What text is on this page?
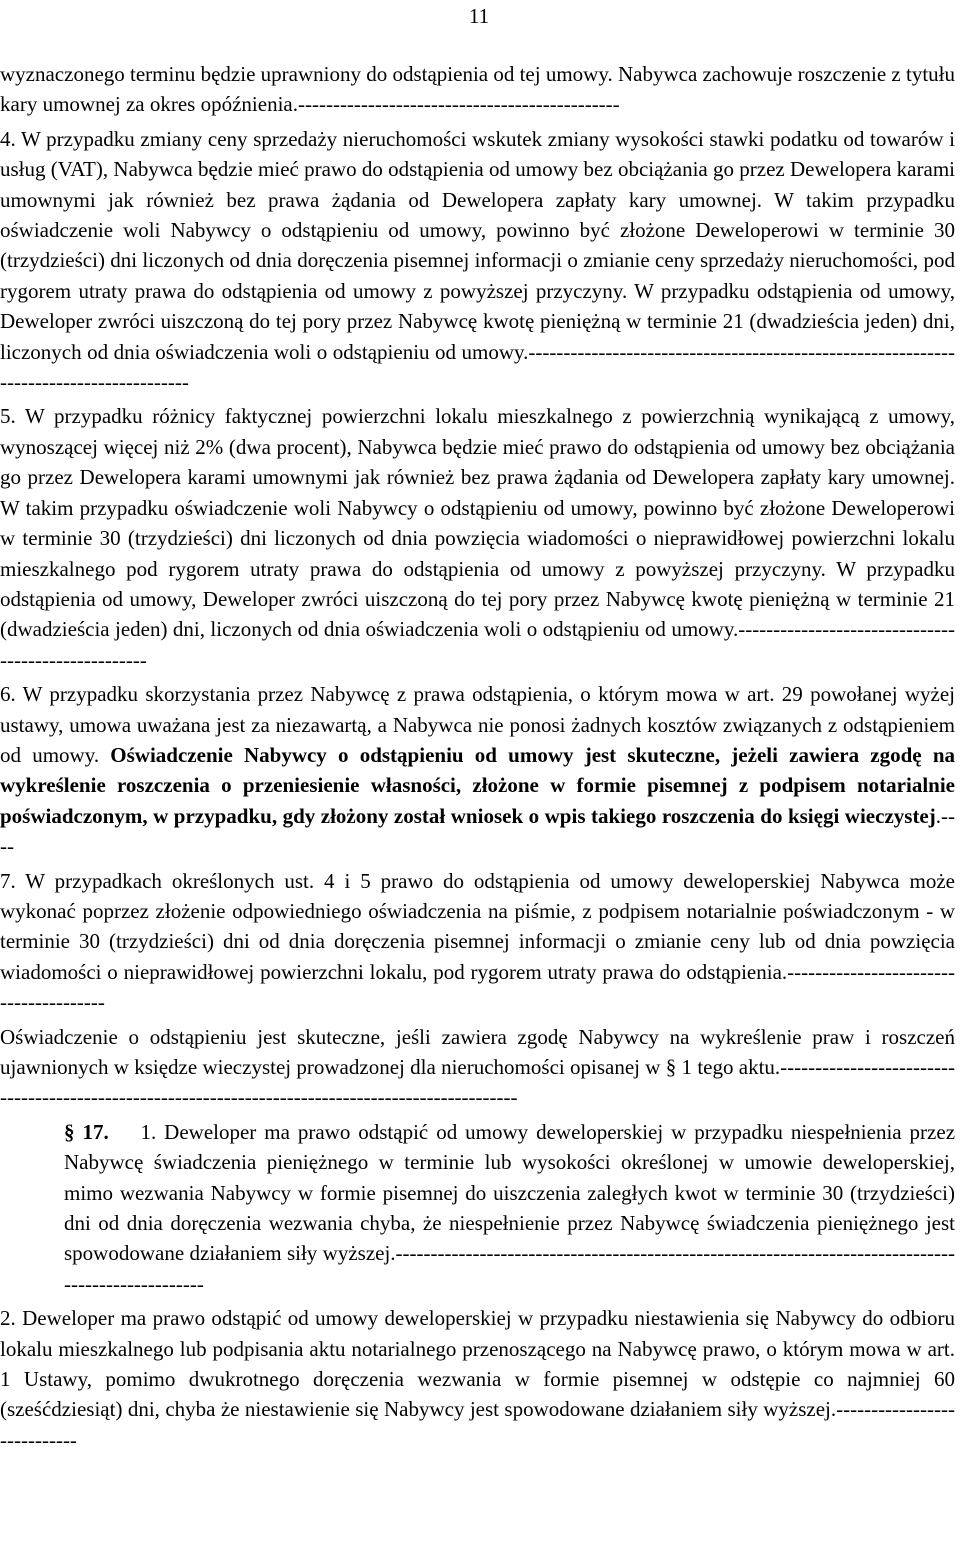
11

wyznaczonego terminu będzie uprawniony do odstąpienia od tej umowy. Nabywca zachowuje roszczenie z tytułu kary umownej za okres opóźnienia.----------------------------------------------

4. W przypadku zmiany ceny sprzedaży nieruchomości wskutek zmiany wysokości stawki podatku od towarów i usług (VAT), Nabywca będzie mieć prawo do odstąpienia od umowy bez obciążania go przez Dewelopera karami umownymi jak również bez prawa żądania od Dewelopera zapłaty kary umownej. W takim przypadku oświadczenie woli Nabywcy o odstąpieniu od umowy, powinno być złożone Deweloperowi w terminie 30 (trzydzieści) dni liczonych od dnia doręczenia pisemnej informacji o zmianie ceny sprzedaży nieruchomości, pod rygorem utraty prawa do odstąpienia od umowy z powyższej przyczyny. W przypadku odstąpienia od umowy, Deweloper zwróci uiszczoną do tej pory przez Nabywcę kwotę pieniężną w terminie 21 (dwadzieścia jeden) dni, liczonych od dnia oświadczenia woli o odstąpieniu od umowy.----------------------------------------------------------------------------------------

5. W przypadku różnicy faktycznej powierzchni lokalu mieszkalnego z powierzchnią wynikającą z umowy, wynoszącej więcej niż 2% (dwa procent), Nabywca będzie mieć prawo do odstąpienia od umowy bez obciążania go przez Dewelopera karami umownymi jak również bez prawa żądania od Dewelopera zapłaty kary umownej. W takim przypadku oświadczenie woli Nabywcy o odstąpieniu od umowy, powinno być złożone Deweloperowi w terminie 30 (trzydzieści) dni liczonych od dnia powzięcia wiadomości o nieprawidłowej powierzchni lokalu mieszkalnego pod rygorem utraty prawa do odstąpienia od umowy z powyższej przyczyny. W przypadku odstąpienia od umowy, Deweloper zwróci uiszczoną do tej pory przez Nabywcę kwotę pieniężną w terminie 21 (dwadzieścia jeden) dni, liczonych od dnia oświadczenia woli o odstąpieniu od umowy.----------------------------------------------------

6. W przypadku skorzystania przez Nabywcę z prawa odstąpienia, o którym mowa w art. 29 powołanej wyżej ustawy, umowa uważana jest za niezawartą, a Nabywca nie ponosi żadnych kosztów związanych z odstąpieniem od umowy. Oświadczenie Nabywcy o odstąpieniu od umowy jest skuteczne, jeżeli zawiera zgodę na wykreślenie roszczenia o przeniesienie własności, złożone w formie pisemnej z podpisem notarialnie poświadczonym, w przypadku, gdy złożony został wniosek o wpis takiego roszczenia do księgi wieczystej.----

7. W przypadkach określonych ust. 4 i 5 prawo do odstąpienia od umowy deweloperskiej Nabywca może wykonać poprzez złożenie odpowiedniego oświadczenia na piśmie, z podpisem notarialnie poświadczonym - w terminie 30 (trzydzieści) dni od dnia doręczenia pisemnej informacji o zmianie ceny lub od dnia powzięcia wiadomości o nieprawidłowej powierzchni lokalu, pod rygorem utraty prawa do odstąpienia.---------------------------------------

Oświadczenie o odstąpieniu jest skuteczne, jeśli zawiera zgodę Nabywcy na wykreślenie praw i roszczeń ujawnionych w księdze wieczystej prowadzonej dla nieruchomości opisanej w § 1 tego aktu.---------------------------------------------------------------------------------------------------

§ 17. 1. Deweloper ma prawo odstąpić od umowy deweloperskiej w przypadku niespełnienia przez Nabywcę świadczenia pieniężnego w terminie lub wysokości określonej w umowie deweloperskiej, mimo wezwania Nabywcy w formie pisemnej do uiszczenia zaległych kwot w terminie 30 (trzydzieści) dni od dnia doręczenia wezwania chyba, że niespełnienie przez Nabywcę świadczenia pieniężnego jest spowodowane działaniem siły wyższej.----------------------------------------------------------------------------------------------------

2. Deweloper ma prawo odstąpić od umowy deweloperskiej w przypadku niestawienia się Nabywcy do odbioru lokalu mieszkalnego lub podpisania aktu notarialnego przenoszącego na Nabywcę prawo, o którym mowa w art. 1 Ustawy, pomimo dwukrotnego doręczenia wezwania w formie pisemnej w odstępie co najmniej 60 (sześćdziesiąt) dni, chyba że niestawienie się Nabywcy jest spowodowane działaniem siły wyższej.----------------------------
